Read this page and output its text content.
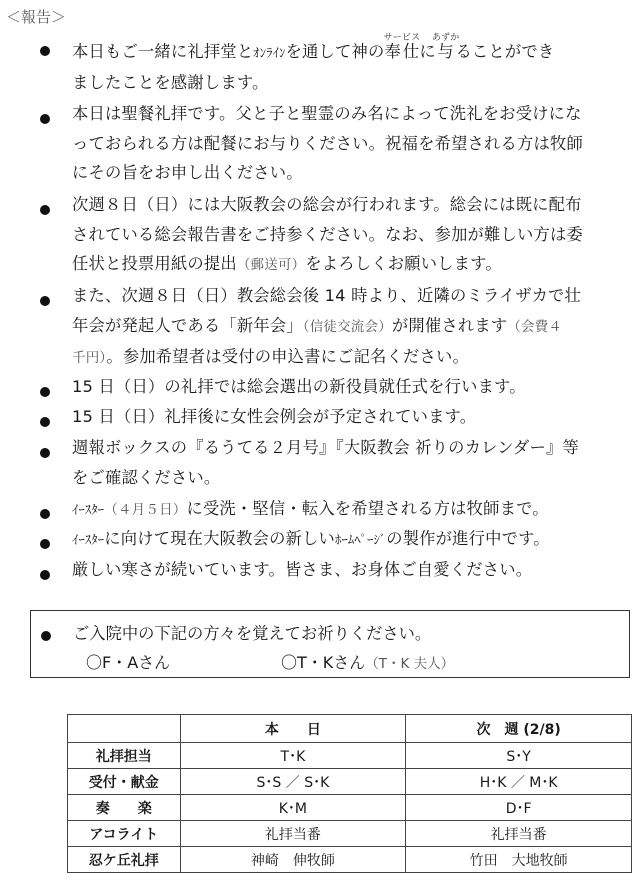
＜報告＞
本日もご一緒に礼拝堂とｵﾝﾗｲﾝを通して神の奉仕サービスに与あずかることができ
ましたことを感謝します。
本日は聖餐礼拝です。父と子と聖霊のみ名によって洗礼をお受けにな
っておられる方は配餐にお与りください。祝福を希望される方は牧師
にその旨をお申し出ください。
次週８日（日）には大阪教会の総会が行われます。総会には既に配布
されている総会報告書をご持参ください。なお、参加が難しい方は委
任状と投票用紙の提出（郵送可）をよろしくお願いします。
また、次週８日（日）教会総会後 14 時より、近隣のミライザカで壮
年会が発起人である「新年会」（信徒交流会）が開催されます（会費４
千円）。参加希望者は受付の申込書にご記名ください。
15 日（日）の礼拝では総会選出の新役員就任式を行います。
15 日（日）礼拝後に女性会例会が予定されています。
週報ボックスの『るうてる２月号』『大阪教会 祈りのカレンダー』等
をご確認ください。
ｲｰｽﾀｰ（４月５日）に受洗・堅信・転入を希望される方は牧師まで。
ｲｰｽﾀｰに向けて現在大阪教会の新しいﾎｰﾑﾍﾟｰｼﾞの製作が進行中です。
厳しい寒さが続いています。皆さま、お身体ご自愛ください。
ご入院中の下記の方々を覚えてお祈りください。
〇F・Aさん	〇T・Kさん（T・K 夫人）
	本　　日	次　週 (2/8)
礼拝担当	T･K	S･Y
受付・献金	S･S ／ S･K	H･K ／ M･K
奏　　楽	K･M	D･F
アコライト	礼拝当番	礼拝当番
忍ケ丘礼拝	神崎　伸牧師	竹田　大地牧師
